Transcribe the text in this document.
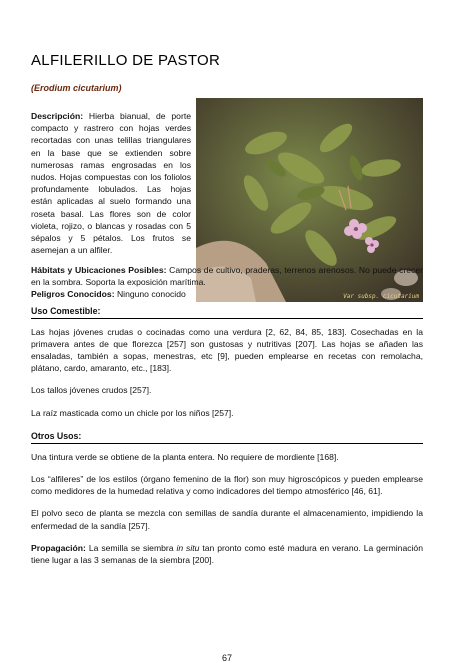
ALFILERILLO DE PASTOR
(Erodium cicutarium)

Descripción: Hierba bianual, de porte compacto y rastrero con hojas verdes recortadas con unas telillas triangulares en la base que se extienden sobre numerosas ramas engrosadas en los nudos. Hojas compuestas con los foliolos profundamente lobulados. Las hojas están aplicadas al suelo formando una roseta basal. Las flores son de color violeta, rojizo, o blancas y rosadas con 5 sépalos y 5 pétalos. Los frutos se asemejan a un alfiler.

Var subsp. cicutarium

Hábitats y Ubicaciones Posibles: Campos de cultivo, praderas, terrenos arenosos. No puede crecer en la sombra. Soporta la exposición marítima.

Peligros Conocidos: Ninguno conocido

Uso Comestible:

Las hojas jóvenes crudas o cocinadas como una verdura [2, 62, 84, 85, 183]. Cosechadas en la primavera antes de que florezca [257] son gustosas y nutritivas [207]. Las hojas se añaden las ensaladas, también a sopas, menestras, etc [9], pueden emplearse en recetas con remolacha, plátano, cardo, amaranto, etc., [183].

Los tallos jóvenes crudos [257].

La raíz masticada como un chicle por los niños [257].

Otros Usos:

Una tintura verde se obtiene de la planta entera. No requiere de mordiente [168].

Los “alfileres” de los estilos (órgano femenino de la flor) son muy higroscópicos y pueden emplearse como medidores de la humedad relativa y como indicadores del tiempo atmosférico [46, 61].

El polvo seco de planta se mezcla con semillas de sandía durante el almacenamiento, impidiendo la enfermedad de la sandía [257].

Propagación: La semilla se siembra in situ tan pronto como esté madura en verano. La germinación tiene lugar a las 3 semanas de la siembra [200].

67
